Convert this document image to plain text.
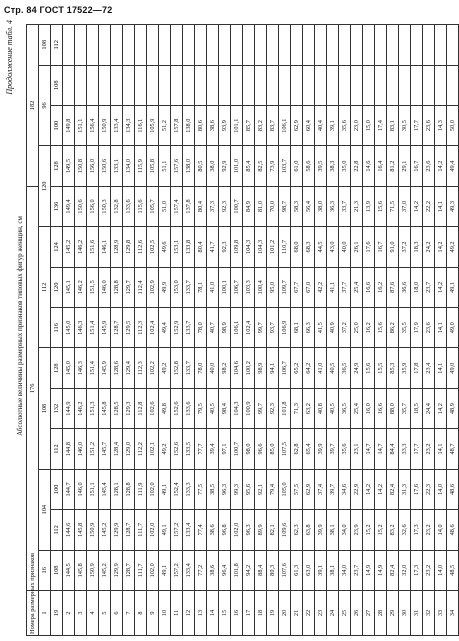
Стр. 84 ГОСТ 17522—72
Продолжение табл. 4
Абсолютные величины размерных признаков типовых фигур женщин, см
Номера размерных признаков	176										182			
1	16	104		108			112			120		96		108
19	108	112	100	112	132	128	116	120	124	136	128	100	108	112
2	144,5	144,6	144,7	144,8	144,9	145,0	145,0	145,1	145,2	149,4	149,5	149,8		
3	145,8	145,8	146,0	146,0	146,2	146,3	146,3	146,2	146,2	150,6	150,8	151,1		
4	150,9	150,9	151,1	151,2	151,3	151,4	151,4	151,5	151,6	156,0	156,0	156,4		
5	145,2	145,2	145,4	145,7	145,8	145,9	145,9	146,0	146,1	150,3	150,6	150,9		
6	129,9	129,9	128,1	128,4	128,5	128,6	128,7	128,8	128,9	132,8	133,1	133,4		
7	128,7	128,7	128,8	129,0	129,3	129,4	129,5	129,7	129,8	133,6	134,0	134,3		
8	111,7	111,7	111,9	112,2	112,8	112,3	112,3	112,4	112,6	115,6	115,9	116,1		
9	102,0	102,0	102,0	102,1	102,6	102,2	102,4	102,9	102,5	105,7	105,8	105,9		
10	49,1	49,1	49,1	49,2	49,8	49,2	49,4	49,9	49,6	51,0	51,1	51,2		
11	157,2	157,2	152,4	152,6	152,6	152,8	152,9	153,0	153,1	157,4	157,6	157,8		
12	133,4	133,4	133,3	133,5	133,6	133,7	133,7	133,7	133,8	137,8	138,0	138,0		
13	77,2	77,4	77,5	77,7	79,5	78,0	78,0	78,1	80,4	80,4	80,5	80,6		
14	38,6	38,6	38,5	39,4	40,5	40,0	40,7	41,0	41,7	37,3	38,0	38,6		
15	96,4	96,8	96,3	97,1	98,4	98,2	98,9	100,1	92,3	92,3	92,9	93,9		
16	101,8	102,0	99,3	100,7	104,3	104,6	106,1	106,7	109,8	100,7	101,0	101,1		
17	94,2	96,3	95,6	98,0	100,9	100,2	102,4	103,3	104,3	84,9	85,4	85,7		
18	88,4	89,9	92,1	96,6	99,7	98,9	99,7	100,4	104,3	81,0	82,5	83,2		
19	80,3	82,1	79,4	85,0	92,3	94,1	93,7	95,0	101,2	70,0	73,9	83,7		
20	107,6	109,6	105,0	107,5	101,8	106,7	106,9	109,7	110,7	98,7	103,7	106,1		
21	61,3	62,3	57,5	62,8	71,3	65,2	68,1	67,7	68,0	58,3	61,0	62,9		
22	63,0	63,8	62,9	65,4	63,2	64,2	66,3	67,0	68,3	56,4	58,6	60,4		
23	39,1	39,9	37,4	39,9	40,8	41,0	41,5	42,2	44,5	38,0	39,5	40,4		
24	38,1	38,1	39,7	39,7	40,5	40,5	40,9	41,1	43,0	36,3	38,3	39,1		
25	34,0	34,0	34,6	35,6	36,5	36,5	37,2	37,7	40,0	33,7	35,0	35,6		
26	23,7	23,9	22,9	23,1	25,4	24,9	25,0	25,4	26,1	21,3	22,8	23,0		
27	14,9	15,2	14,2	14,7	16,0	15,6	16,2	16,6	17,6	13,9	14,6	15,0		
28	14,9	15,2	14,2	14,7	16,6	15,5	15,6	16,2	16,7	15,6	16,4	17,4		
29	82,4	83,2	82,4	84,4	88,0	85,3	86,2	87,6	91,0	71,5	81,2	83,1		
30	32,0	32,6	31,3	33,3	35,7	35,9	35,5	36,6	37,2	37,0	29,1	30,5		
31	17,3	17,3	17,6	17,7	18,5	17,8	17,9	18,0	18,3	14,2	16,7	17,7		
32	23,2	23,2	22,3	23,2	24,4	23,4	23,6	23,7	24,2	22,2	23,6	23,6		
33	14,0	14,0	14,0	14,1	14,2	14,1	14,1	14,2	14,2	14,1	14,2	14,3		
34	48,5	48,6	48,6	48,7	48,9	49,0	49,0	49,1	49,2	49,3	49,4	50,0		
